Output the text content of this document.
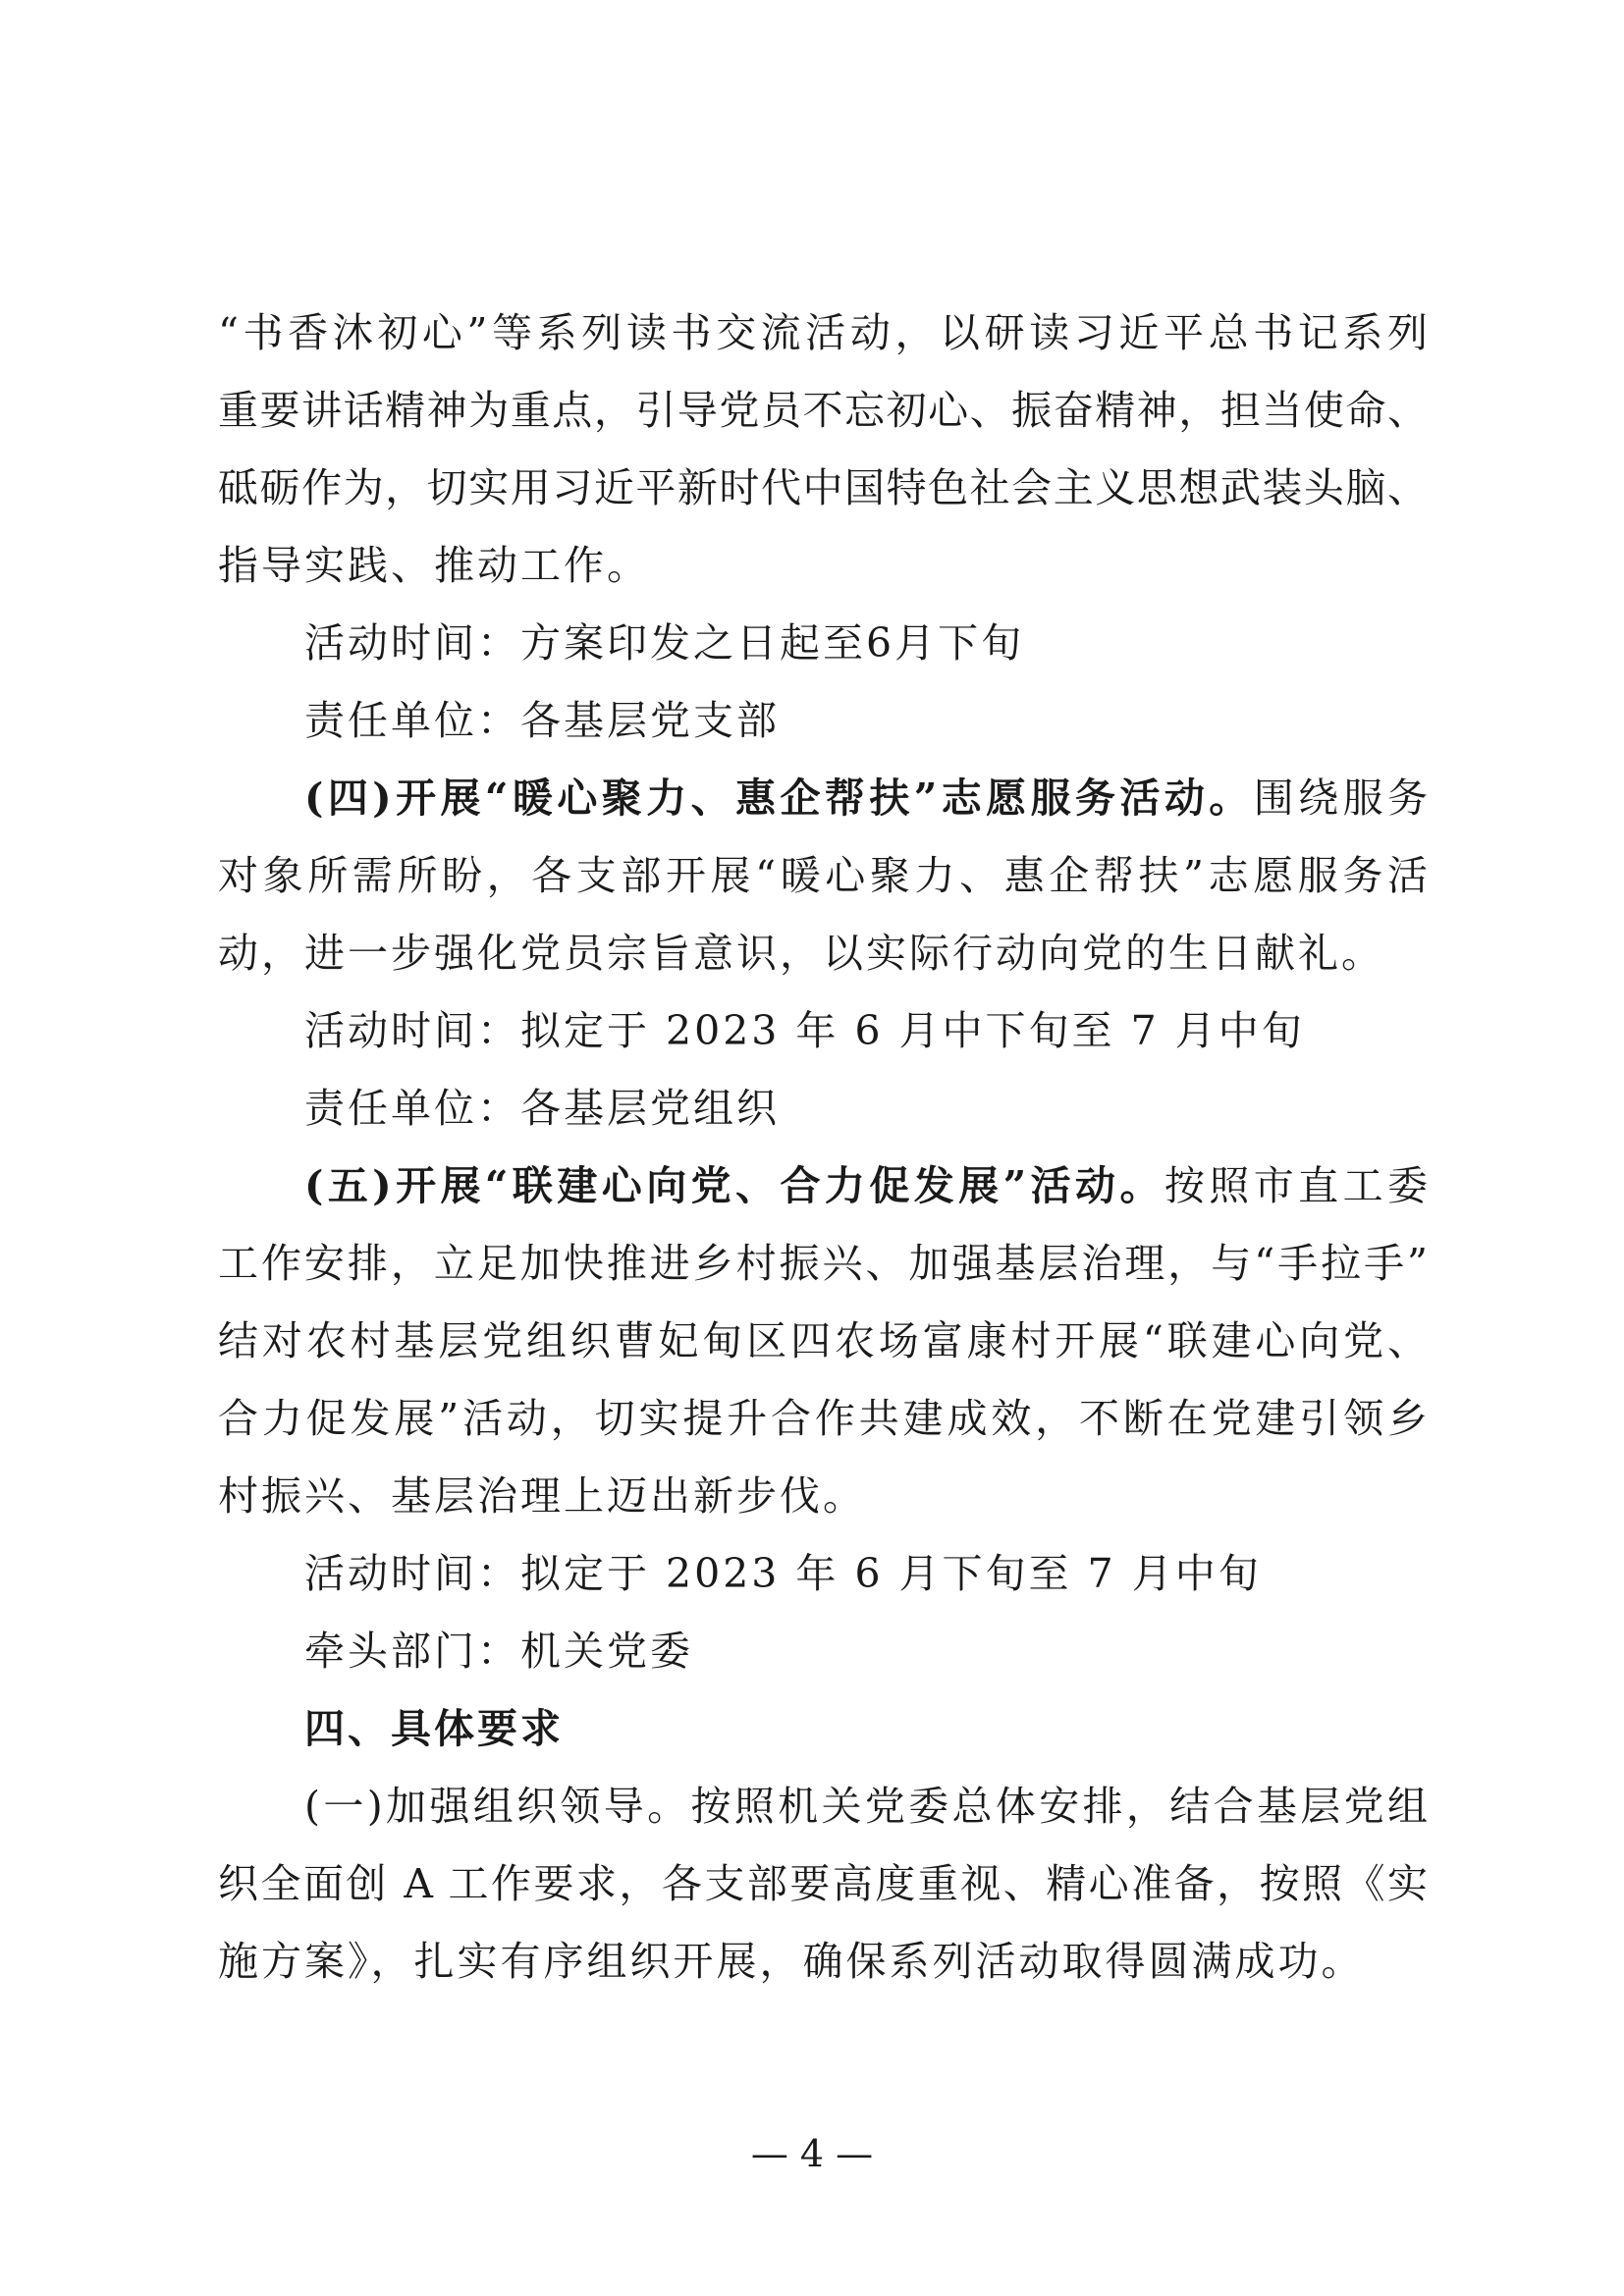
“书香沐初心”等系列读书交流活动，以研读习近平总书记系列
重要讲话精神为重点，引导党员不忘初心、振奋精神，担当使命、
砥砺作为，切实用习近平新时代中国特色社会主义思想武装头脑、
指导实践、推动工作。
活动时间：方案印发之日起至6月下旬
责任单位：各基层党支部
(四)开展“暖心聚力、惠企帮扶”志愿服务活动。围绕服务
对象所需所盼，各支部开展“暖心聚力、惠企帮扶”志愿服务活
动，进一步强化党员宗旨意识，以实际行动向党的生日献礼。
活动时间：拟定于 2023 年 6 月中下旬至 7 月中旬
责任单位：各基层党组织
(五)开展“联建心向党、合力促发展”活动。按照市直工委
工作安排，立足加快推进乡村振兴、加强基层治理，与“手拉手”
结对农村基层党组织曹妃甸区四农场富康村开展“联建心向党、
合力促发展”活动，切实提升合作共建成效，不断在党建引领乡
村振兴、基层治理上迈出新步伐。
活动时间：拟定于 2023 年 6 月下旬至 7 月中旬
牵头部门：机关党委
四、具体要求
(一)加强组织领导。按照机关党委总体安排，结合基层党组
织全面创 A 工作要求，各支部要高度重视、精心准备，按照《实
施方案》，扎实有序组织开展，确保系列活动取得圆满成功。
— 4 —
